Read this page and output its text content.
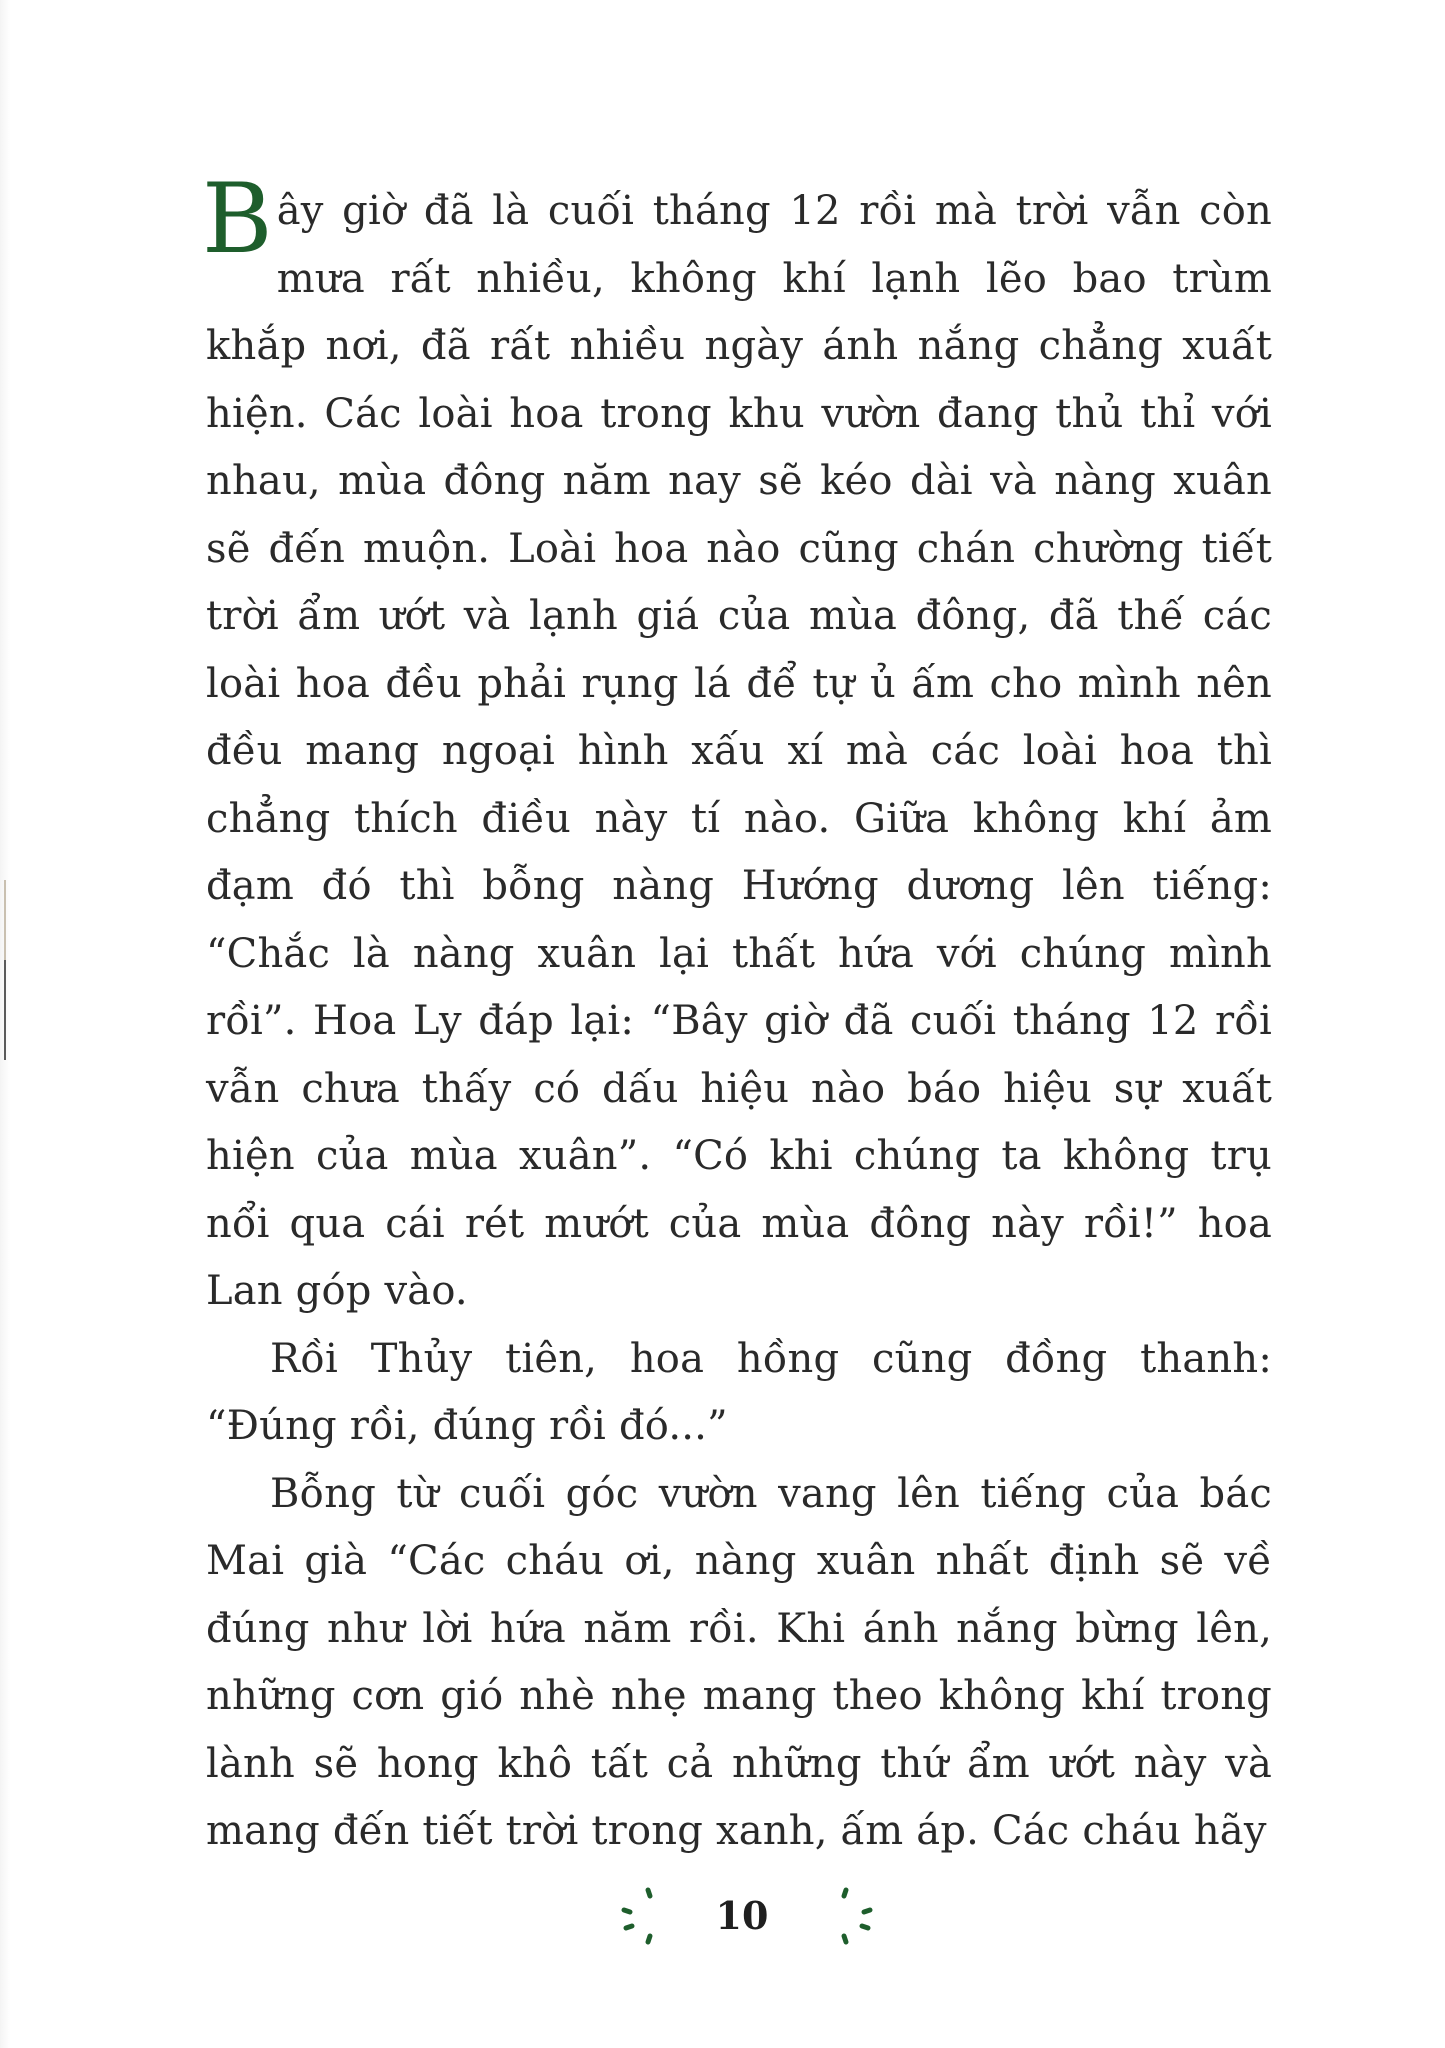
Bây giờ đã là cuối tháng 12 rồi mà trời vẫn còn mưa rất nhiều, không khí lạnh lẽo bao trùm khắp nơi, đã rất nhiều ngày ánh nắng chẳng xuất hiện. Các loài hoa trong khu vườn đang thủ thỉ với nhau, mùa đông năm nay sẽ kéo dài và nàng xuân sẽ đến muộn. Loài hoa nào cũng chán chường tiết trời ẩm ướt và lạnh giá của mùa đông, đã thế các loài hoa đều phải rụng lá để tự ủ ấm cho mình nên đều mang ngoại hình xấu xí mà các loài hoa thì chẳng thích điều này tí nào. Giữa không khí ảm đạm đó thì bỗng nàng Hướng dương lên tiếng: “Chắc là nàng xuân lại thất hứa với chúng mình rồi”. Hoa Ly đáp lại: “Bây giờ đã cuối tháng 12 rồi vẫn chưa thấy có dấu hiệu nào báo hiệu sự xuất hiện của mùa xuân”. “Có khi chúng ta không trụ nổi qua cái rét mướt của mùa đông này rồi!” hoa Lan góp vào.

Rồi Thủy tiên, hoa hồng cũng đồng thanh: “Đúng rồi, đúng rồi đó...”

Bỗng từ cuối góc vườn vang lên tiếng của bác Mai già “Các cháu ơi, nàng xuân nhất định sẽ về đúng như lời hứa năm rồi. Khi ánh nắng bừng lên, những cơn gió nhè nhẹ mang theo không khí trong lành sẽ hong khô tất cả những thứ ẩm ướt này và mang đến tiết trời trong xanh, ấm áp. Các cháu hãy

10
